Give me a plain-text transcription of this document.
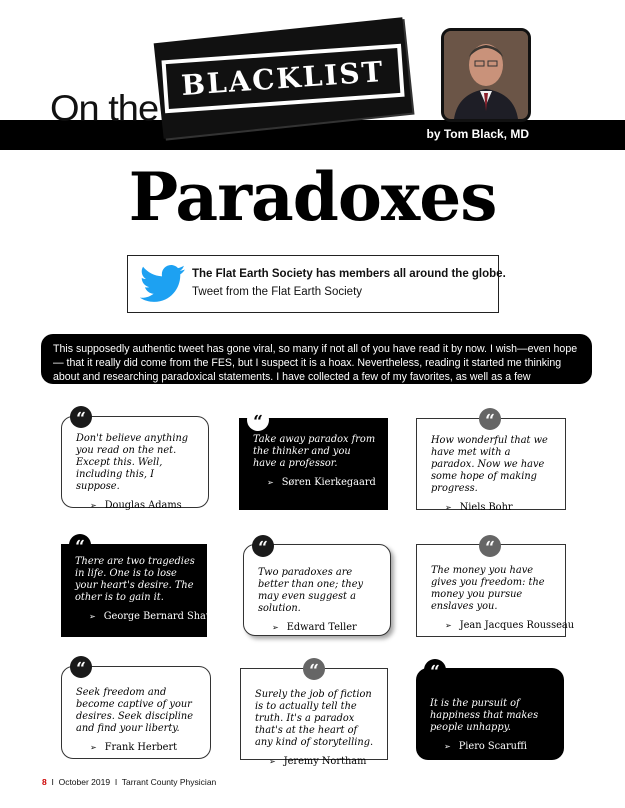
On the
BLACKLIST
by Tom Black, MD
Paradoxes
The Flat Earth Society has members all around the globe.
Tweet from the Flat Earth Society
This supposedly authentic tweet has gone viral, so many if not all of you have read it by now. I wish—even hope— that it really did come from the FES, but I suspect it is a hoax. Nevertheless, reading it started me thinking about and researching paradoxical statements. I have collected a few of my favorites, as well as a few statements about paradoxes.
“
Don't believe anything you read on the net. Except this. Well, including this, I suppose.
➢ Douglas Adams
“
Take away paradox from the thinker and you have a professor.
➢ Søren Kierkegaard
“
How wonderful that we have met with a paradox. Now we have some hope of making progress.
➢ Niels Bohr
“
There are two tragedies in life. One is to lose your heart's desire. The other is to gain it.
➢ George Bernard Shaw
“
Two paradoxes are better than one; they may even suggest a solution.
➢ Edward Teller
“
The money you have gives you freedom: the money you pursue enslaves you.
➢ Jean Jacques Rousseau
“
Seek freedom and become captive of your desires. Seek discipline and find your liberty.
➢ Frank Herbert
“
Surely the job of fiction is to actually tell the truth. It's a paradox that's at the heart of any kind of storytelling.
➢ Jeremy Northam
“
It is the pursuit of happiness that makes people unhappy.
➢ Piero Scaruffi
8 I October 2019 I Tarrant County Physician
